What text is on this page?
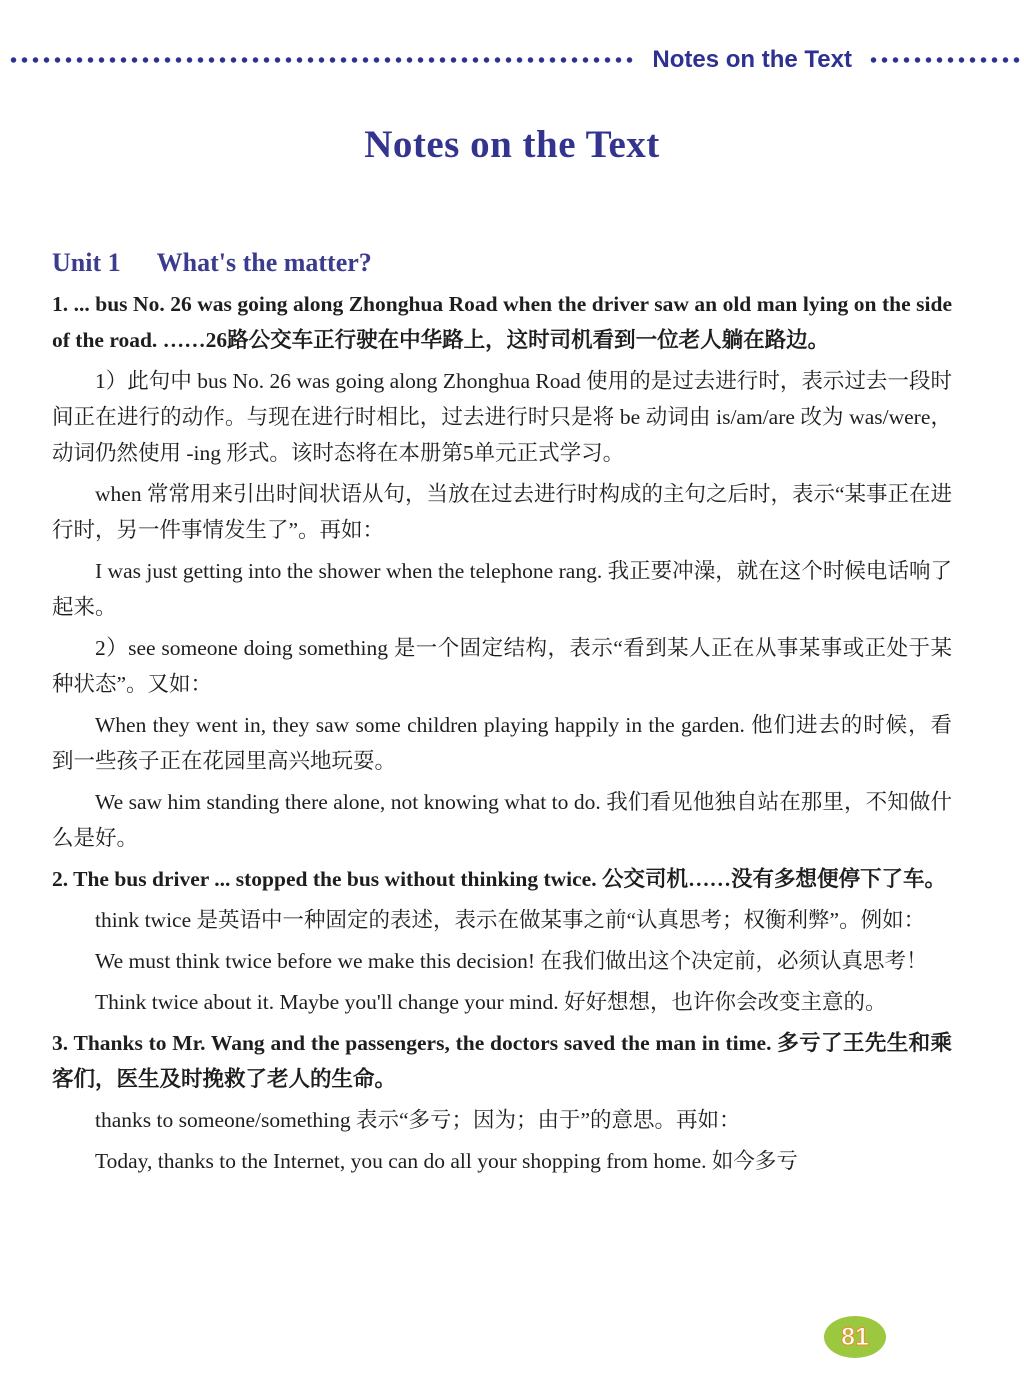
Notes on the Text
Notes on the Text
Unit 1 What's the matter?

1. ... bus No. 26 was going along Zhonghua Road when the driver saw an old man lying on the side of the road. ……26路公交车正行驶在中华路上，这时司机看到一位老人躺在路边。

1）此句中 bus No. 26 was going along Zhonghua Road 使用的是过去进行时，表示过去一段时间正在进行的动作。与现在进行时相比，过去进行时只是将 be 动词由 is/am/are 改为 was/were，动词仍然使用 -ing 形式。该时态将在本册第5单元正式学习。

when 常常用来引出时间状语从句，当放在过去进行时构成的主句之后时，表示“某事正在进行时，另一件事情发生了”。再如：

I was just getting into the shower when the telephone rang. 我正要冲澡，就在这个时候电话响了起来。

2）see someone doing something 是一个固定结构，表示“看到某人正在从事某事或正处于某种状态”。又如：

When they went in, they saw some children playing happily in the garden. 他们进去的时候，看到一些孩子正在花园里高兴地玩耍。

We saw him standing there alone, not knowing what to do. 我们看见他独自站在那里，不知做什么是好。

2. The bus driver ... stopped the bus without thinking twice. 公交司机……没有多想便停下了车。

think twice 是英语中一种固定的表述，表示在做某事之前“认真思考；权衡利弊”。例如：

We must think twice before we make this decision! 在我们做出这个决定前，必须认真思考！

Think twice about it. Maybe you'll change your mind. 好好想想，也许你会改变主意的。

3. Thanks to Mr. Wang and the passengers, the doctors saved the man in time. 多亏了王先生和乘客们，医生及时挽救了老人的生命。

thanks to someone/something 表示“多亏；因为；由于”的意思。再如：

Today, thanks to the Internet, you can do all your shopping from home. 如今多亏

81
